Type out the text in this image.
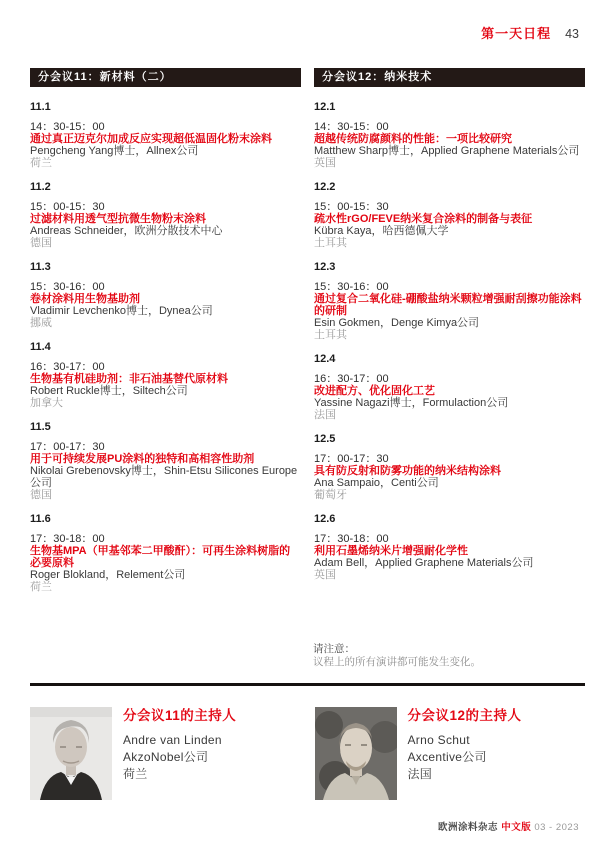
第一天日程 43
分会议11：新材料（二）
11.1
14：30-15：00
通过真正迈克尔加成反应实现超低温固化粉末涂料
Pengcheng Yang博士，Allnex公司
荷兰
11.2
15：00-15：30
过滤材料用透气型抗微生物粉末涂料
Andreas Schneider，欧洲分散技术中心
德国
11.3
15：30-16：00
卷材涂料用生物基助剂
Vladimir Levchenko博士，Dynea公司
挪威
11.4
16：30-17：00
生物基有机硅助剂：非石油基替代原材料
Robert Ruckle博士，Siltech公司
加拿大
11.5
17：00-17：30
用于可持续发展PU涂料的独特和高相容性助剂
Nikolai Grebenovsky博士，Shin-Etsu Silicones Europe公司
德国
11.6
17：30-18：00
生物基MPA（甲基邻苯二甲酸酐）：可再生涂料树脂的必要原料
Roger Blokland，Relement公司
荷兰
分会议12：纳米技术
12.1
14：30-15：00
超越传统防腐颜料的性能：一项比较研究
Matthew Sharp博士，Applied Graphene Materials公司
英国
12.2
15：00-15：30
疏水性rGO/FEVE纳米复合涂料的制备与表征
Kübra Kaya，哈西德佩大学
土耳其
12.3
15：30-16：00
通过复合二氧化硅-硼酸盐纳米颗粒增强耐刮擦功能涂料的研制
Esin Gokmen，Denge Kimya公司
土耳其
12.4
16：30-17：00
改进配方、优化固化工艺
Yassine Nagazi博士，Formulaction公司
法国
12.5
17：00-17：30
具有防反射和防雾功能的纳米结构涂料
Ana Sampaio，Centi公司
葡萄牙
12.6
17：30-18：00
利用石墨烯纳米片增强耐化学性
Adam Bell，Applied Graphene Materials公司
英国
请注意：
议程上的所有演讲都可能发生变化。
分会议11的主持人
Andre van Linden
AkzoNobel公司
荷兰
分会议12的主持人
Arno Schut
Axcentive公司
法国
欧洲涂料杂志 中文版 03 - 2023
